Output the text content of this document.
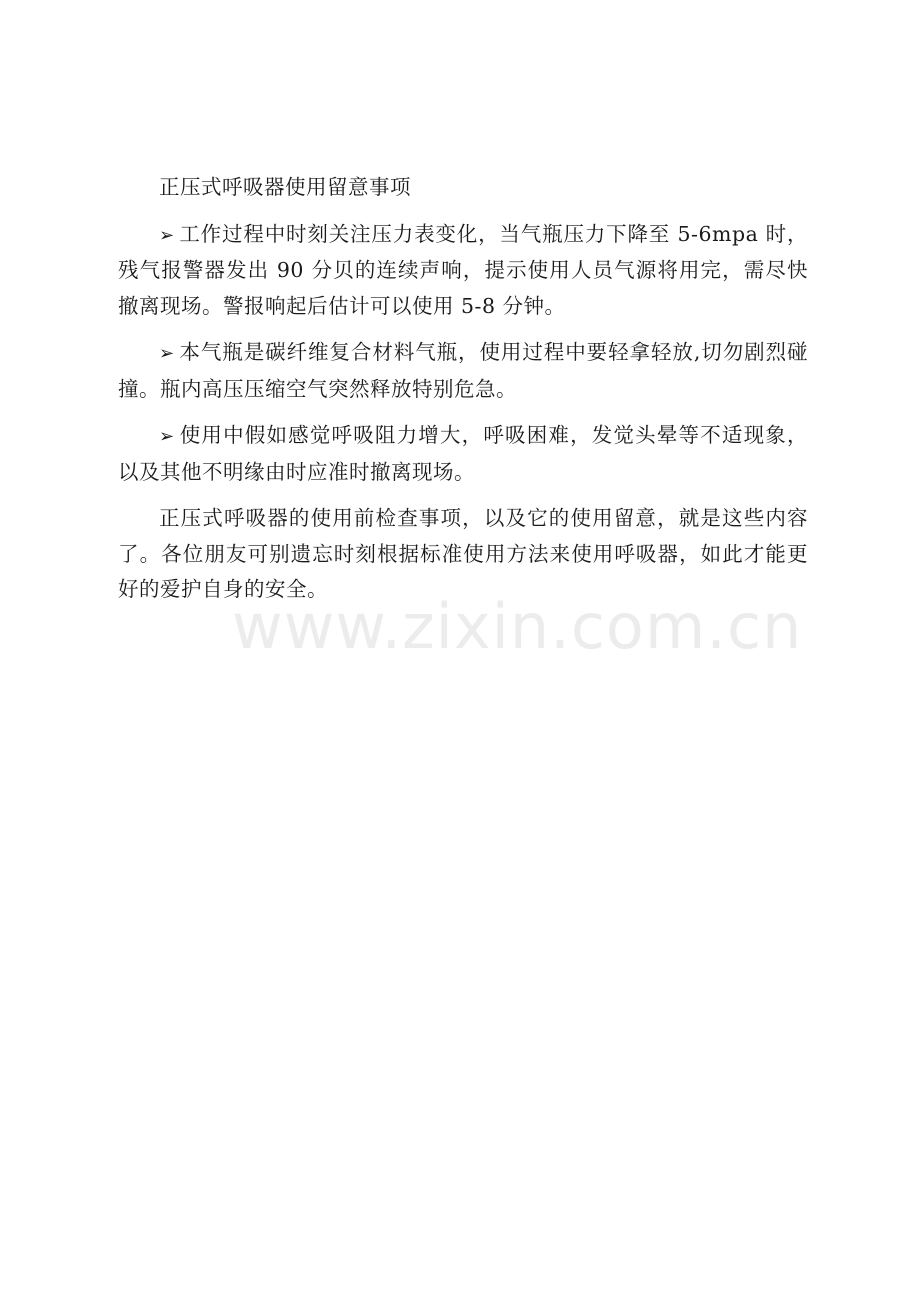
正压式呼吸器使用留意事项

➢ 工作过程中时刻关注压力表变化，当气瓶压力下降至 5-6mpa 时，残气报警器发出 90 分贝的连续声响，提示使用人员气源将用完，需尽快撤离现场。警报响起后估计可以使用 5-8 分钟。

➢ 本气瓶是碳纤维复合材料气瓶，使用过程中要轻拿轻放,切勿剧烈碰撞。瓶内高压压缩空气突然释放特别危急。

➢ 使用中假如感觉呼吸阻力增大，呼吸困难，发觉头晕等不适现象，以及其他不明缘由时应准时撤离现场。

正压式呼吸器的使用前检查事项，以及它的使用留意，就是这些内容了。各位朋友可别遗忘时刻根据标准使用方法来使用呼吸器，如此才能更好的爱护自身的安全。

www.zixin.com.cn
